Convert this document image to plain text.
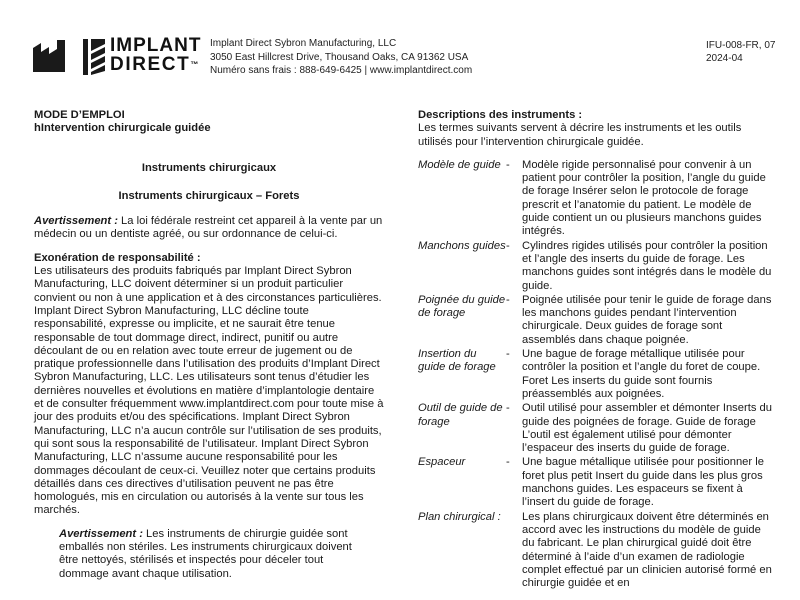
IMPLANT
DIRECT™
Implant Direct Sybron Manufacturing, LLC
3050 East Hillcrest Drive, Thousand Oaks, CA 91362 USA
Numéro sans frais : 888-649-6425 | www.implantdirect.com
IFU-008-FR, 07
2024-04

MODE D’EMPLOI

hIntervention chirurgicale guidée

Instruments chirurgicaux

Instruments chirurgicaux – Forets

Avertissement : La loi fédérale restreint cet appareil à la vente par un médecin ou un dentiste agréé, ou sur ordonnance de celui-ci.

Exonération de responsabilité :

Les utilisateurs des produits fabriqués par Implant Direct Sybron Manufacturing, LLC doivent déterminer si un produit particulier convient ou non à une application et à des circonstances particulières. Implant Direct Sybron Manufacturing, LLC décline toute responsabilité, expresse ou implicite, et ne saurait être tenue responsable de tout dommage direct, indirect, punitif ou autre découlant de ou en relation avec toute erreur de jugement ou de pratique professionnelle dans l’utilisation des produits d’Implant Direct Sybron Manufacturing, LLC. Les utilisateurs sont tenus d’étudier les dernières nouvelles et évolutions en matière d’implantologie dentaire et de consulter fréquemment www.implantdirect.com pour toute mise à jour des produits et/ou des spécifications. Implant Direct Sybron Manufacturing, LLC n’a aucun contrôle sur l’utilisation de ses produits, qui sont sous la responsabilité de l’utilisateur. Implant Direct Sybron Manufacturing, LLC n’assume aucune responsabilité pour les dommages découlant de ceux-ci. Veuillez noter que certains produits détaillés dans ces directives d’utilisation peuvent ne pas être homologués, mis en circulation ou autorisés à la vente sur tous les marchés.

Avertissement : Les instruments de chirurgie guidée sont emballés non stériles. Les instruments chirurgicaux doivent être nettoyés, stérilisés et inspectés pour déceler tout dommage avant chaque utilisation.

Descriptions des instruments :

Les termes suivants servent à décrire les instruments et les outils utilisés pour l’intervention chirurgicale guidée.

Modèle de guide -	Modèle rigide personnalisé pour convenir à un patient pour contrôler la position, l’angle du guide de forage Insérer selon le protocole de forage prescrit et l’anatomie du patient. Le modèle de guide contient un ou plusieurs manchons guides intégrés.
Manchons guides -	Cylindres rigides utilisés pour contrôler la position et l’angle des inserts du guide de forage. Les manchons guides sont intégrés dans le modèle du guide.
Poignée du guide de forage
-	Poignée utilisée pour tenir le guide de forage dans les manchons guides pendant l’intervention chirurgicale. Deux guides de forage sont assemblés dans chaque poignée.
Insertion du guide de forage
-	Une bague de forage métallique utilisée pour contrôler la position et l’angle du foret de coupe. Foret Les inserts du guide sont fournis préassemblés aux poignées.
Outil de guide de forage
-	Outil utilisé pour assembler et démonter Inserts du guide des poignées de forage. Guide de forage L’outil est également utilisé pour démonter l’espaceur des inserts du guide de forage.
Espaceur	-	Une bague métallique utilisée pour positionner le foret plus petit Insert du guide dans les plus gros manchons guides. Les espaceurs se fixent à l’insert du guide de forage.
Plan chirurgical :	Les plans chirurgicaux doivent être déterminés en accord avec les instructions du modèle de guide du fabricant. Le plan chirurgical guidé doit être déterminé à l’aide d’un examen de radiologie complet effectué par un clinicien autorisé formé en chirurgie guidée et en
